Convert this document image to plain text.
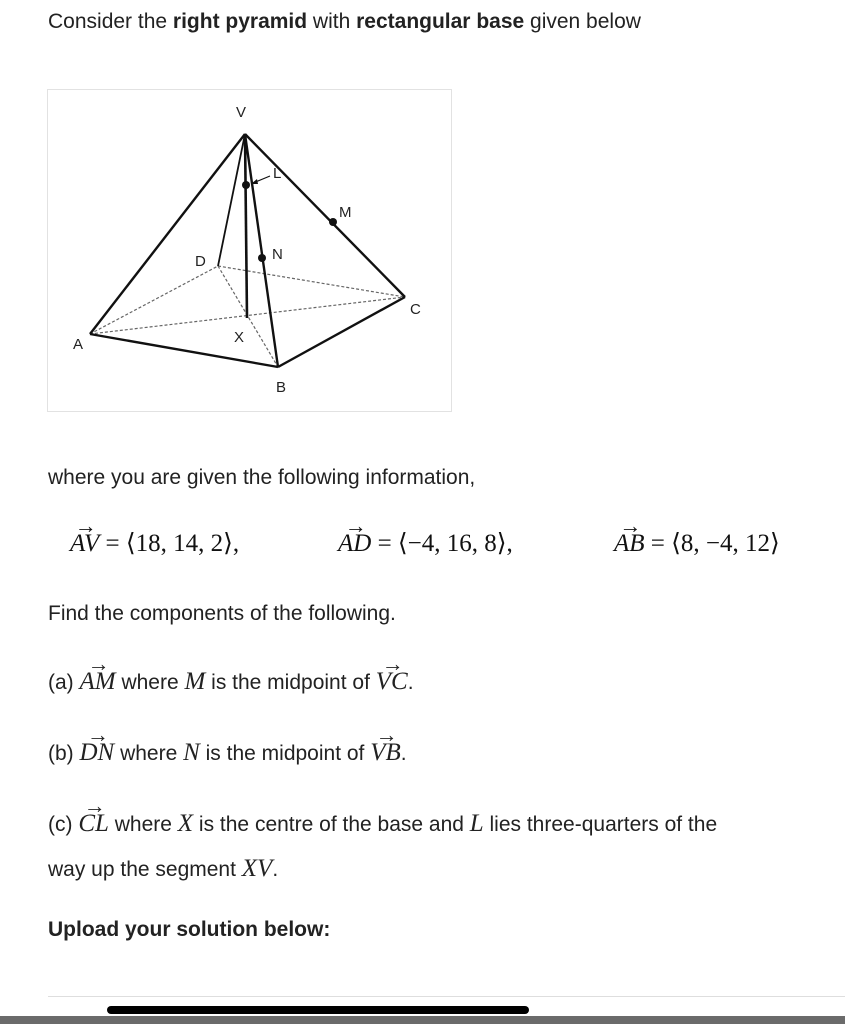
Consider the right pyramid with rectangular base given below
V
L
M
D	N
C
A	X
B
where you are given the following information,
→ AV = ⟨18, 14, 2⟩,	→ AD = ⟨−4, 16, 8⟩,	→ AB = ⟨8, −4, 12⟩
Find the components of the following.
(a) → AM where M is the midpoint of → VC.
(b) → DN where N is the midpoint of → VB.
(c) → CL where X is the centre of the base and L lies three-quarters of the
way up the segment XV.
Upload your solution below:
